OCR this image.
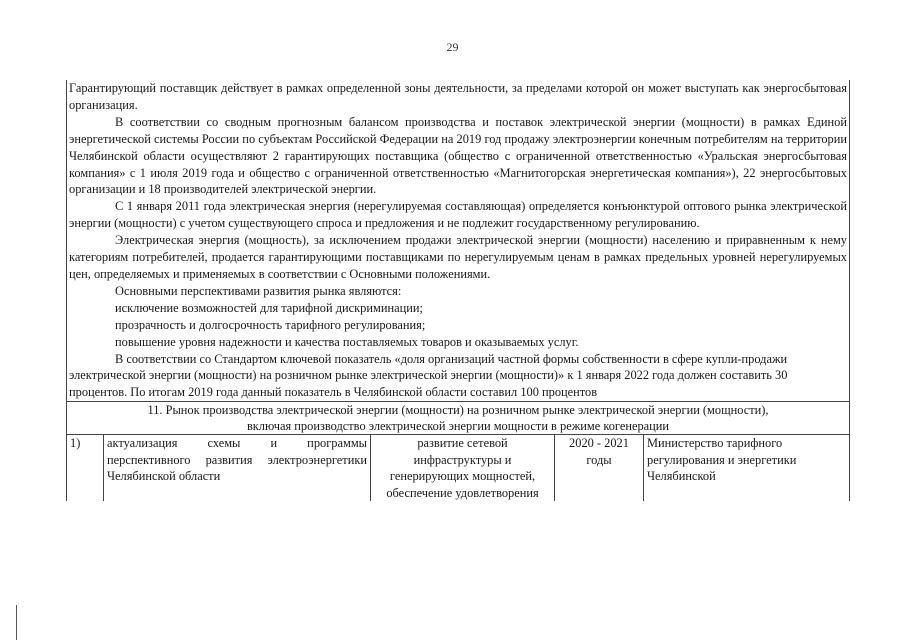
29

Гарантирующий поставщик действует в рамках определенной зоны деятельности, за пределами которой он может выступать как энергосбытовая организация.

В соответствии со сводным прогнозным балансом производства и поставок электрической энергии (мощности) в рамках Единой энергетической системы России по субъектам Российской Федерации на 2019 год продажу электроэнергии конечным потребителям на территории Челябинской области осуществляют 2 гарантирующих поставщика (общество с ограниченной ответственностью «Уральская энергосбытовая компания» с 1 июля 2019 года и общество с ограниченной ответственностью «Магнитогорская энергетическая компания»), 22 энергосбытовых организации и 18 производителей электрической энергии.

С 1 января 2011 года электрическая энергия (нерегулируемая составляющая) определяется конъюнктурой оптового рынка электрической энергии (мощности) с учетом существующего спроса и предложения и не подлежит государственному регулированию.

Электрическая энергия (мощность), за исключением продажи электрической энергии (мощности) населению и приравненным к нему категориям потребителей, продается гарантирующими поставщиками по нерегулируемым ценам в рамках предельных уровней нерегулируемых цен, определяемых и применяемых в соответствии с Основными положениями.

Основными перспективами развития рынка являются:

исключение возможностей для тарифной дискриминации;

прозрачность и долгосрочность тарифного регулирования;

повышение уровня надежности и качества поставляемых товаров и оказываемых услуг.

В соответствии со Стандартом ключевой показатель «доля организаций частной формы собственности в сфере купли-продажи электрической энергии (мощности) на розничном рынке электрической энергии (мощности)» к 1 января 2022 года должен составить 30 процентов. По итогам 2019 года данный показатель в Челябинской области составил 100 процентов

11. Рынок производства электрической энергии (мощности) на розничном рынке электрической энергии (мощности), включая производство электрической энергии мощности в режиме когенерации
1)	актуализация схемы и программы перспективного развития электроэнергетики Челябинской области	развитие сетевой инфраструктуры и генерирующих мощностей, обеспечение удовлетворения	2020 - 2021 годы	Министерство тарифного регулирования и энергетики Челябинской
